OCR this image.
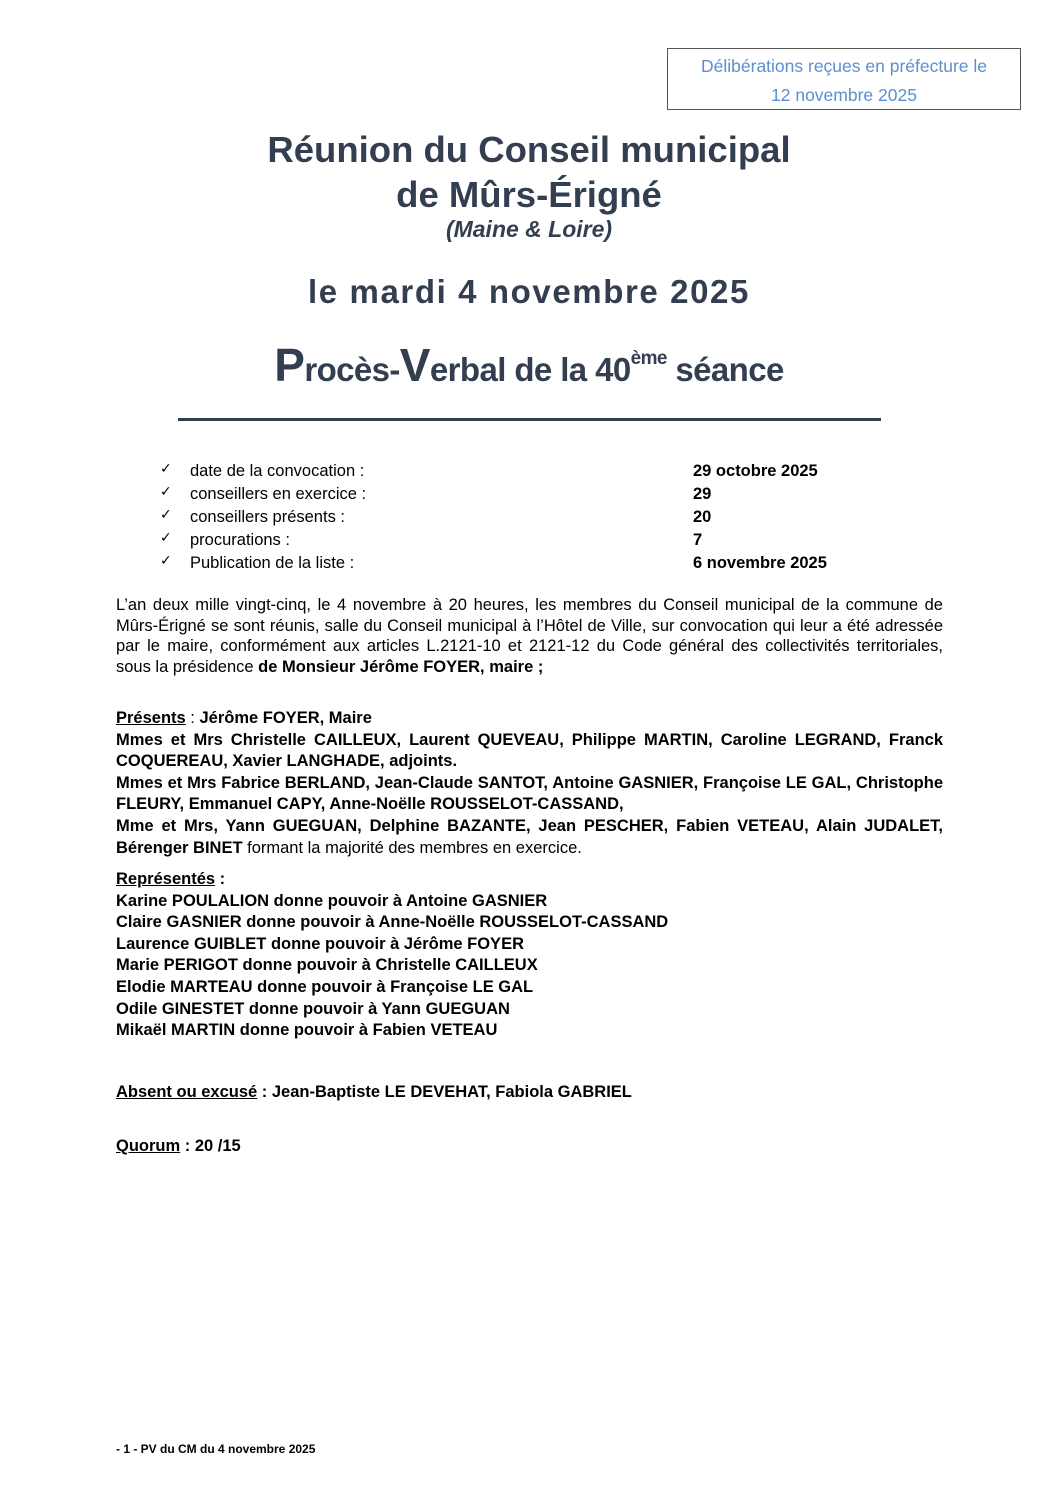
Délibérations reçues en préfecture le
12 novembre 2025
Réunion du Conseil municipal
de Mûrs-Érigné
(Maine & Loire)
le mardi 4 novembre 2025
Procès-Verbal de la 40ème séance
✓ date de la convocation :	29 octobre 2025
✓ conseillers en exercice :	29
✓ conseillers présents :	20
✓ procurations :	7
✓ Publication de la liste :	6 novembre 2025
L’an deux mille vingt-cinq, le 4 novembre à 20 heures, les membres du Conseil municipal de la commune de Mûrs-Érigné se sont réunis, salle du Conseil municipal à l’Hôtel de Ville, sur convocation qui leur a été adressée par le maire, conformément aux articles L.2121-10 et 2121-12 du Code général des collectivités territoriales, sous la présidence de Monsieur Jérôme FOYER, maire ;

Présents : Jérôme FOYER, Maire

Mmes et Mrs Christelle CAILLEUX, Laurent QUEVEAU, Philippe MARTIN, Caroline LEGRAND, Franck COQUEREAU, Xavier LANGHADE, adjoints.

Mmes et Mrs Fabrice BERLAND, Jean-Claude SANTOT, Antoine GASNIER, Françoise LE GAL, Christophe FLEURY, Emmanuel CAPY, Anne-Noëlle ROUSSELOT-CASSAND,

Mme et Mrs, Yann GUEGUAN, Delphine BAZANTE, Jean PESCHER, Fabien VETEAU, Alain JUDALET, Bérenger BINET formant la majorité des membres en exercice.

Représentés :
Karine POULALION donne pouvoir à Antoine GASNIER
Claire GASNIER donne pouvoir à Anne-Noëlle ROUSSELOT-CASSAND
Laurence GUIBLET donne pouvoir à Jérôme FOYER
Marie PERIGOT donne pouvoir à Christelle CAILLEUX
Elodie MARTEAU donne pouvoir à Françoise LE GAL
Odile GINESTET donne pouvoir à Yann GUEGUAN
Mikaël MARTIN donne pouvoir à Fabien VETEAU
Absent ou excusé : Jean-Baptiste LE DEVEHAT, Fabiola GABRIEL
Quorum : 20 /15
- 1 - PV du CM du 4 novembre 2025
